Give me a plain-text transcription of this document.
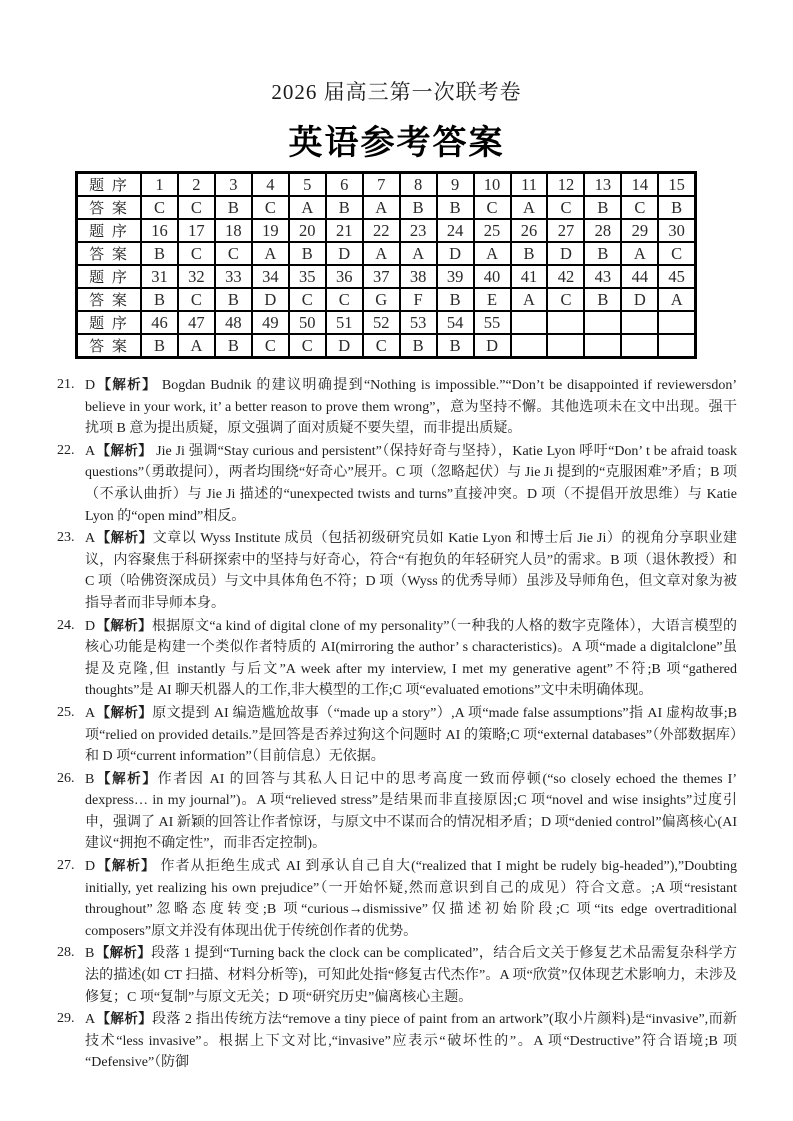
2026 届高三第一次联考卷
英语参考答案
题 序	1	2	3	4	5	6	7	8	9	10	11	12	13	14	15
答 案	C	C	B	C	A	B	A	B	B	C	A	C	B	C	B
题 序	16	17	18	19	20	21	22	23	24	25	26	27	28	29	30
答 案	B	C	C	A	B	D	A	A	D	A	B	D	B	A	C
题 序	31	32	33	34	35	36	37	38	39	40	41	42	43	44	45
答 案	B	C	B	D	C	C	G	F	B	E	A	C	B	D	A
题 序	46	47	48	49	50	51	52	53	54	55					
答 案	B	A	B	C	C	D	C	B	B	D					
21. D【解析】 Bogdan Budnik 的建议明确提到“Nothing is impossible.”“Don’t be disappointed if reviewersdon’ believe in your work, it’ a better reason to prove them wrong”，意为坚持不懈。其他选项未在文中出现。强干扰项 B 意为提出质疑，原文强调了面对质疑不要失望，而非提出质疑。
22. A【解析】 Jie Ji 强调“Stay curious and persistent”（保持好奇与坚持），Katie Lyon 呼吁“Don’ t be afraid toask questions”（勇敢提问），两者均围绕“好奇心”展开。C 项（忽略起伏）与 Jie Ji 提到的“克服困难”矛盾；B 项（不承认曲折）与 Jie Ji 描述的“unexpected twists and turns”直接冲突。D 项（不提倡开放思维）与 Katie Lyon 的“open mind”相反。
23. A【解析】文章以 Wyss Institute 成员（包括初级研究员如 Katie Lyon 和博士后 Jie Ji）的视角分享职业建议，内容聚焦于科研探索中的坚持与好奇心，符合“有抱负的年轻研究人员”的需求。B 项（退休教授）和 C 项（哈佛资深成员）与文中具体角色不符；D 项（Wyss 的优秀导师）虽涉及导师角色，但文章对象为被指导者而非导师本身。
24. D【解析】根据原文“a kind of digital clone of my personality”（一种我的人格的数字克隆体），大语言模型的核心功能是构建一个类似作者特质的 AI(mirroring the author’ s characteristics)。A 项“made a digitalclone”虽提及克隆,但 instantly 与后文”A week after my interview, I met my generative agent”不符;B 项“gathered thoughts”是 AI 聊天机器人的工作,非大模型的工作;C 项“evaluated emotions”文中未明确体现。
25. A【解析】原文提到 AI 编造尴尬故事（“made up a story”）,A 项“made false assumptions”指 AI 虚构故事;B 项“relied on provided details.”是回答是否养过狗这个问题时 AI 的策略;C 项“external databases”（外部数据库）和 D 项“current information”（目前信息）无依据。
26. B【解析】作者因 AI 的回答与其私人日记中的思考高度一致而停顿(“so closely echoed the themes I’ dexpress… in my journal”)。A 项“relieved stress”是结果而非直接原因;C 项“novel and wise insights”过度引申，强调了 AI 新颖的回答让作者惊讶，与原文中不谋而合的情况相矛盾；D 项“denied control”偏离核心(AI 建议“拥抱不确定性”，而非否定控制)。
27. D【解析】 作者从拒绝生成式 AI 到承认自己自大(“realized that I might be rudely big-headed”),”Doubting initially, yet realizing his own prejudice”（一开始怀疑,然而意识到自己的成见）符合文意。;A 项“resistant throughout”忽略态度转变;B 项“curious→dismissive”仅描述初始阶段;C 项“its edge overtraditional composers”原文并没有体现出优于传统创作者的优势。
28. B【解析】段落 1 提到“Turning back the clock can be complicated”，结合后文关于修复艺术品需复杂科学方法的描述(如 CT 扫描、材料分析等)，可知此处指“修复古代杰作”。A 项“欣赏”仅体现艺术影响力，未涉及修复；C 项“复制”与原文无关；D 项“研究历史”偏离核心主题。
29. A【解析】段落 2 指出传统方法“remove a tiny piece of paint from an artwork”(取小片颜料)是“invasive”,而新技术“less invasive”。根据上下文对比,“invasive”应表示“破坏性的”。A 项“Destructive”符合语境;B 项 “Defensive”（防御
